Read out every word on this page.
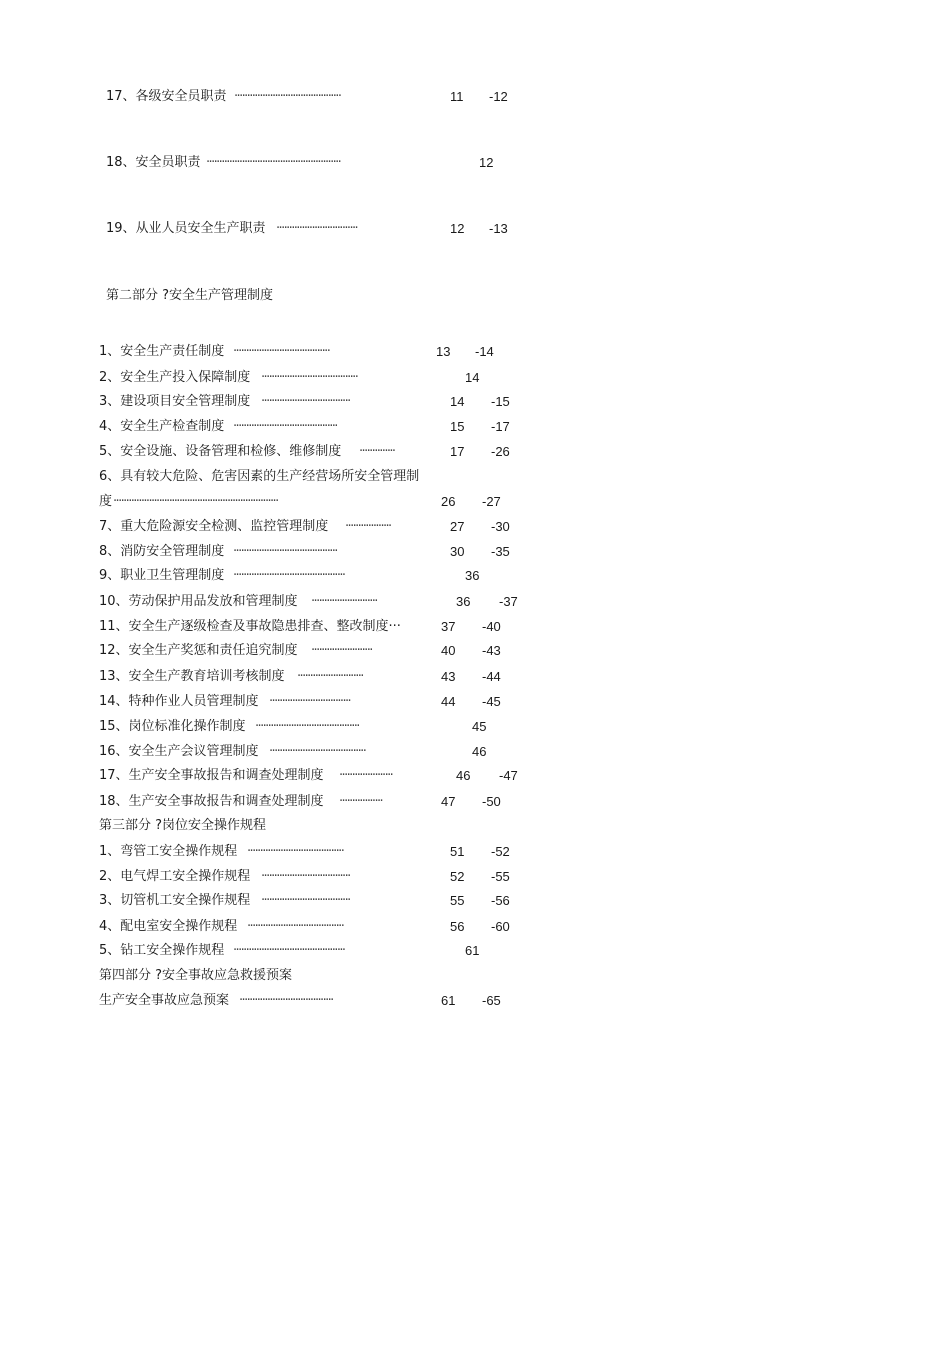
17、各级安全员职责 ··········································	11 -12
18、安全员职责 ·····················································	12
19、从业人员安全生产职责 ································	12 -13
第二部分 ?安全生产管理制度
1、安全生产责任制度 ······································	13 -14
2、安全生产投入保障制度 ······································	14
3、建设项目安全管理制度 ···································	14 -15
4、安全生产检查制度 ·········································	15 -17
5、安全设施、设备管理和检修、维修制度 ··············	17 -26
6、具有较大危险、危害因素的生产经营场所安全管理制
度 ·································································	26 -27
7、重大危险源安全检测、监控管理制度 ··················	27 -30
8、消防安全管理制度 ·········································	30 -35
9、职业卫生管理制度 ············································	36
10、劳动保护用品发放和管理制度 ··························	36 -37
11、安全生产逐级检查及事故隐患排查、整改制度···	37 -40
12、安全生产奖惩和责任追究制度 ························	40 -43
13、安全生产教育培训考核制度 ··························	43 -44
14、特种作业人员管理制度 ································	44 -45
15、岗位标准化操作制度 ·········································	45
16、安全生产会议管理制度 ······································	46
17、生产安全事故报告和调查处理制度 ·····················	46 -47
18、生产安全事故报告和调查处理制度 ·················	47 -50
第三部分 ?岗位安全操作规程
1、弯管工安全操作规程 ······································	51 -52
2、电气焊工安全操作规程 ···································	52 -55
3、切管机工安全操作规程 ···································	55 -56
4、配电室安全操作规程 ······································	56 -60
5、钻工安全操作规程 ············································	61
第四部分 ?安全事故应急救援预案
生产安全事故应急预案 ·····································	61 -65
